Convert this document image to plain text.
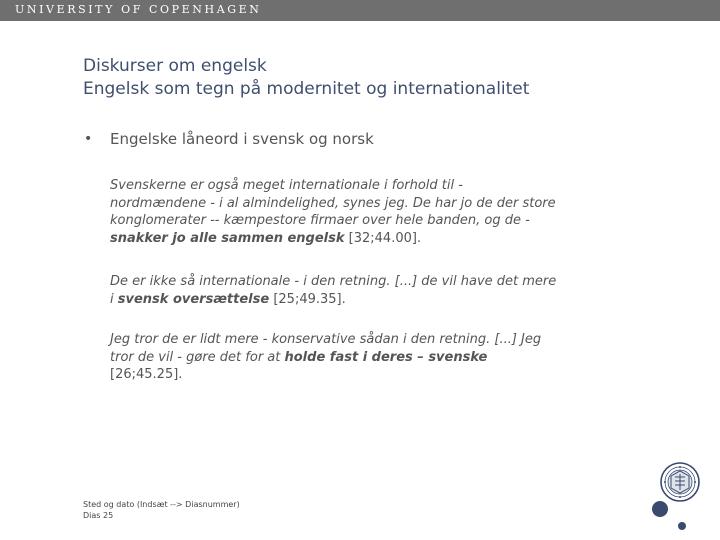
UNIVERSITY OF COPENHAGEN
Diskurser om engelsk
Engelsk som tegn på modernitet og internationalitet
• Engelske låneord i svensk og norsk
Svenskerne er også meget internationale i forhold til -
nordmændene - i al almindelighed, synes jeg. De har jo de der store
konglomerater -- kæmpestore firmaer over hele banden, og de -
snakker jo alle sammen engelsk [32;44.00].
De er ikke så internationale - i den retning. [...] de vil have det mere
i svensk oversættelse [25;49.35].
Jeg tror de er lidt mere - konservative sådan i den retning. [...] Jeg
tror de vil - gøre det for at holde fast i deres – svenske
[26;45.25].
Sted og dato (Indsæt --> Diasnummer)
Dias 25
